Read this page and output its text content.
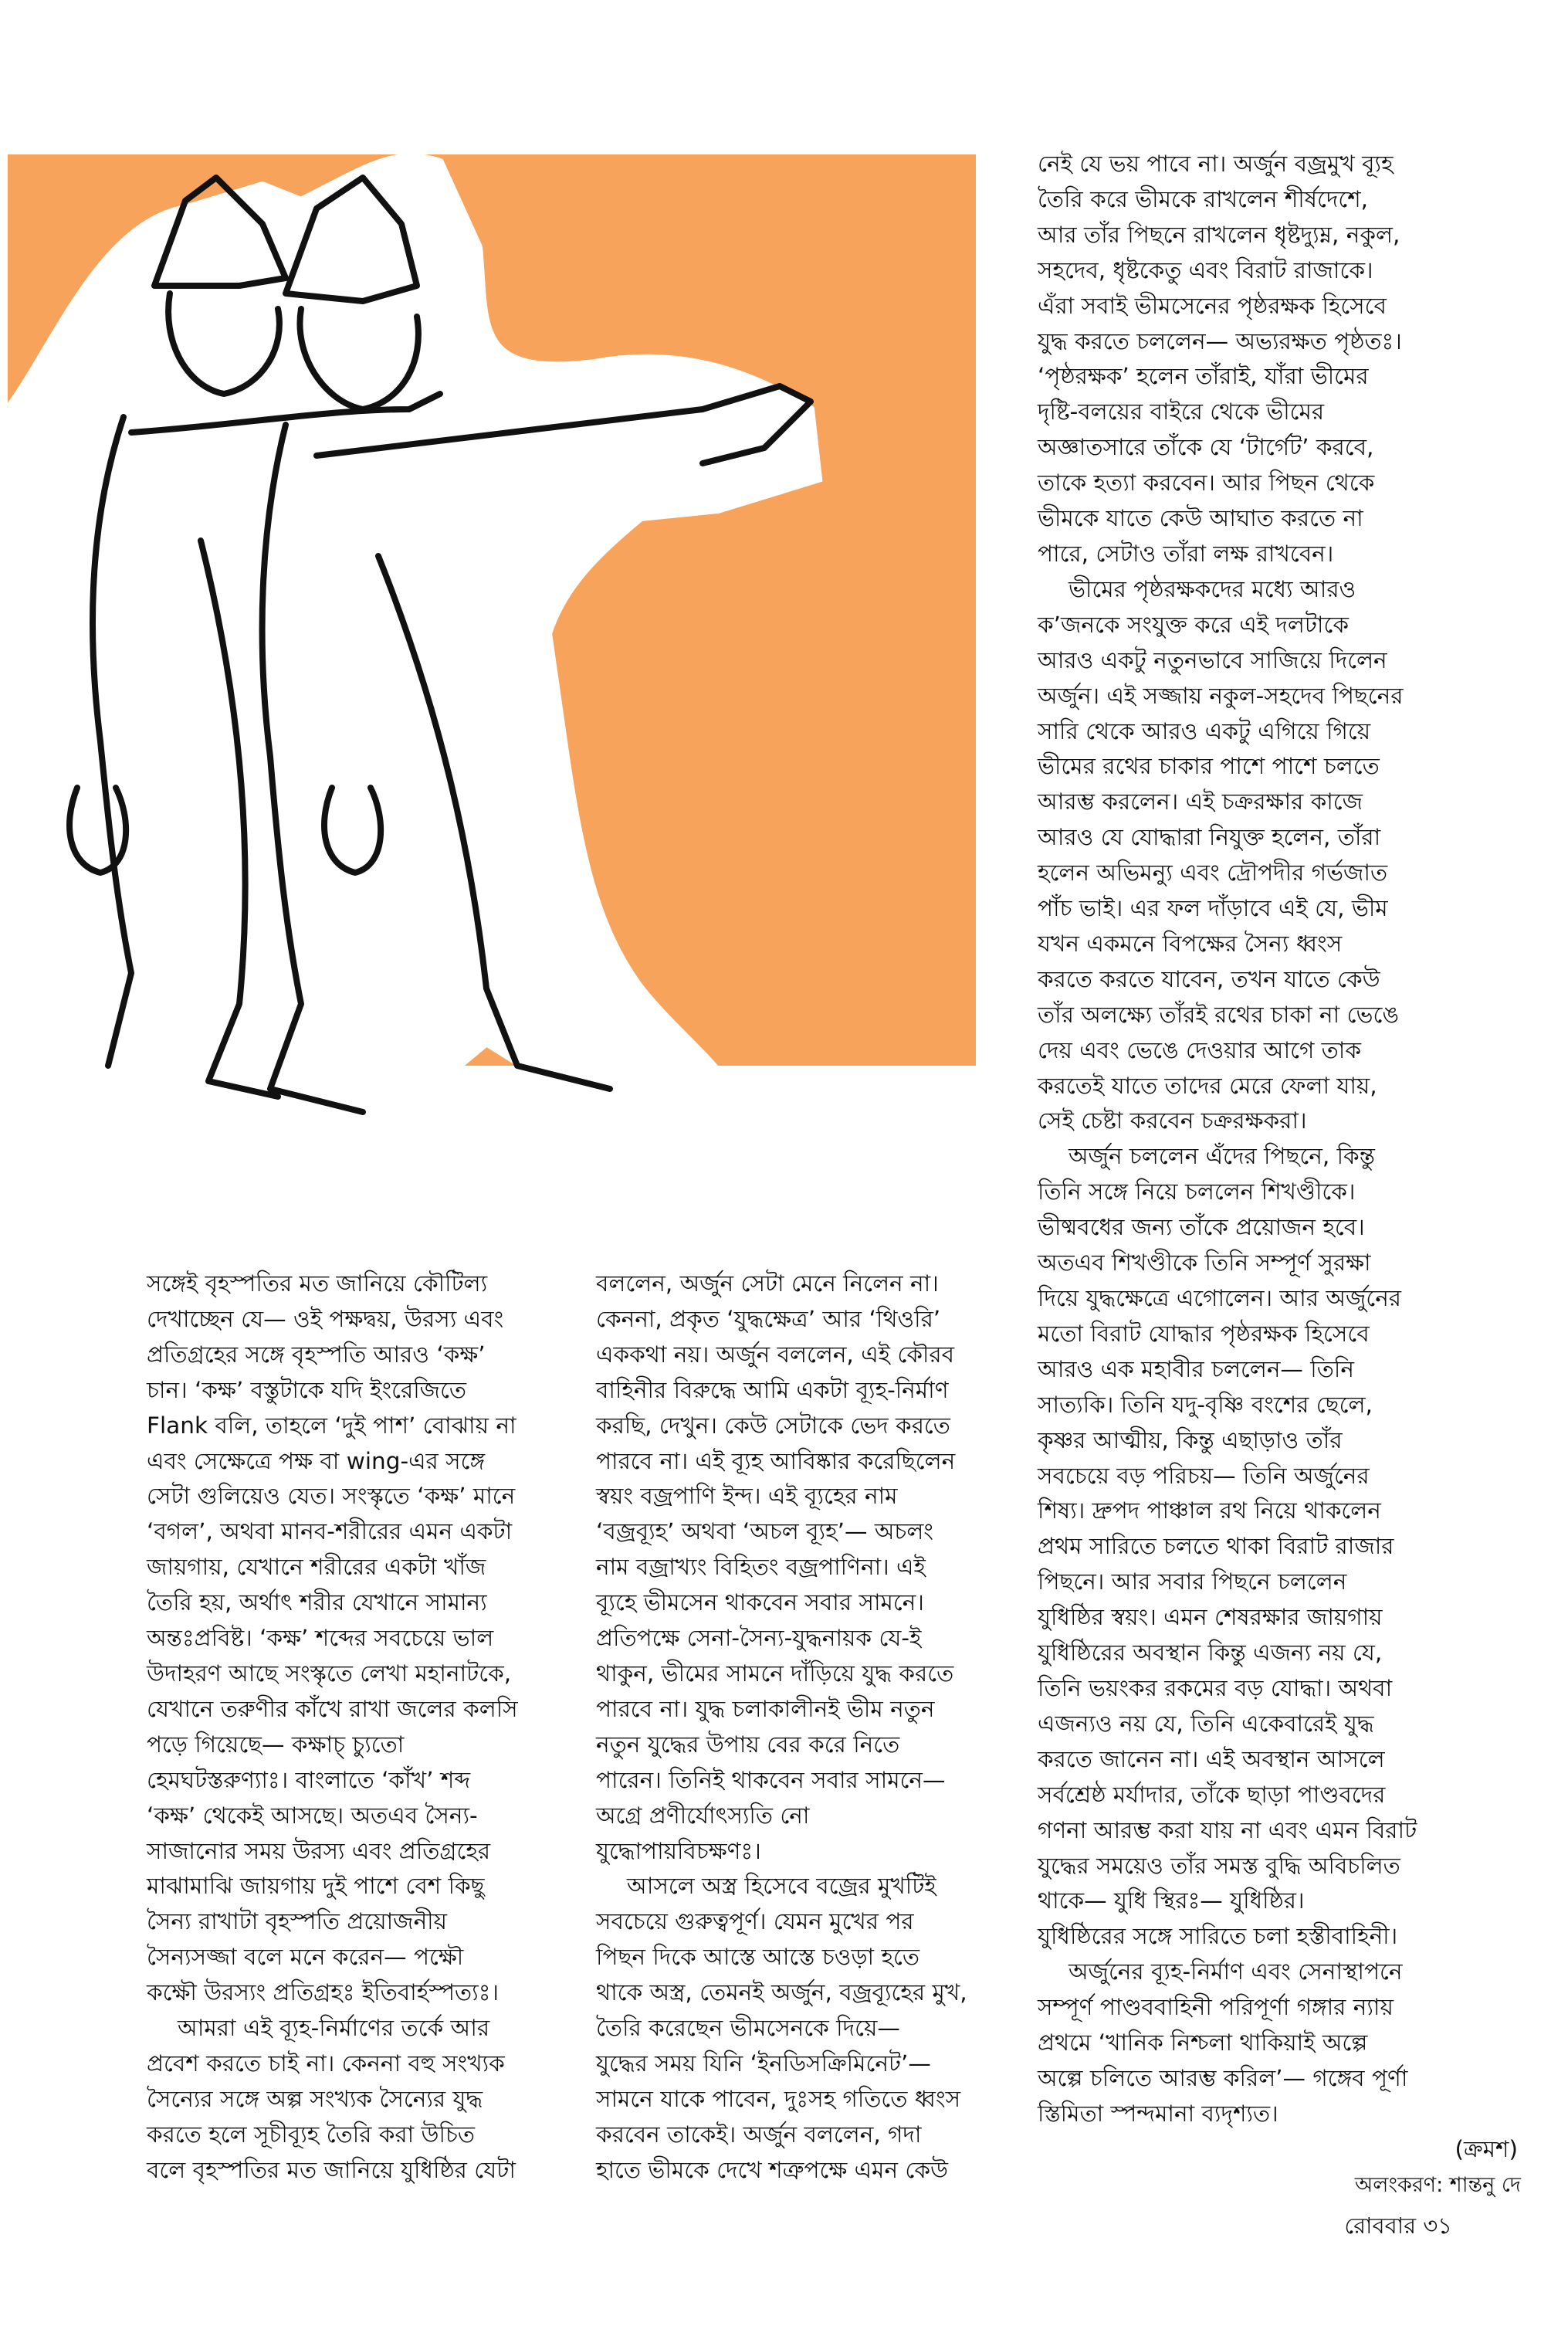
সঙ্গেই বৃহস্পতির মত জানিয়ে কৌটিল্য

দেখাচ্ছেন যে— ওই পক্ষদ্বয়, উরস্য এবং

প্রতিগ্রহের সঙ্গে বৃহস্পতি আরও ‘কক্ষ’

চান। ‘কক্ষ’ বস্তুটাকে যদি ইংরেজিতে

Flank বলি, তাহলে ‘দুই পাশ’ বোঝায় না

এবং সেক্ষেত্রে পক্ষ বা wing-এর সঙ্গে

সেটা গুলিয়েও যেত। সংস্কৃতে ‘কক্ষ’ মানে

‘বগল’, অথবা মানব-শরীরের এমন একটা

জায়গায়, যেখানে শরীরের একটা খাঁজ

তৈরি হয়, অর্থাৎ শরীর যেখানে সামান্য

অন্তঃপ্রবিষ্ট। ‘কক্ষ’ শব্দের সবচেয়ে ভাল

উদাহরণ আছে সংস্কৃতে লেখা মহানাটকে,

যেখানে তরুণীর কাঁখে রাখা জলের কলসি

পড়ে গিয়েছে— কক্ষাচ্ চ্যুতো

হেমঘটস্তরুণ্যাঃ। বাংলাতে ‘কাঁখ’ শব্দ

‘কক্ষ’ থেকেই আসছে। অতএব সৈন্য-

সাজানোর সময় উরস্য এবং প্রতিগ্রহের

মাঝামাঝি জায়গায় দুই পাশে বেশ কিছু

সৈন্য রাখাটা বৃহস্পতি প্রয়োজনীয়

সৈন্যসজ্জা বলে মনে করেন— পক্ষৌ

কক্ষৌ উরস্যং প্রতিগ্রহঃ ইতিবার্হস্পত্যঃ।

আমরা এই ব্যূহ-নির্মাণের তর্কে আর

প্রবেশ করতে চাই না। কেননা বহু সংখ্যক

সৈন্যের সঙ্গে অল্প সংখ্যক সৈন্যের যুদ্ধ

করতে হলে সূচীব্যূহ তৈরি করা উচিত

বলে বৃহস্পতির মত জানিয়ে যুধিষ্ঠির যেটা

বললেন, অর্জুন সেটা মেনে নিলেন না।

কেননা, প্রকৃত ‘যুদ্ধক্ষেত্র’ আর ‘থিওরি’

এককথা নয়। অর্জুন বললেন, এই কৌরব

বাহিনীর বিরুদ্ধে আমি একটা ব্যূহ-নির্মাণ

করছি, দেখুন। কেউ সেটাকে ভেদ করতে

পারবে না। এই ব্যূহ আবিষ্কার করেছিলেন

স্বয়ং বজ্রপাণি ইন্দ। এই ব্যূহের নাম

‘বজ্রব্যূহ’ অথবা ‘অচল ব্যূহ’— অচলং

নাম বজ্রাখ্যং বিহিতং বজ্রপাণিনা। এই

ব্যূহে ভীমসেন থাকবেন সবার সামনে।

প্রতিপক্ষে সেনা-সৈন্য-যুদ্ধনায়ক যে-ই

থাকুন, ভীমের সামনে দাঁড়িয়ে যুদ্ধ করতে

পারবে না। যুদ্ধ চলাকালীনই ভীম নতুন

নতুন যুদ্ধের উপায় বের করে নিতে

পারেন। তিনিই থাকবেন সবার সামনে—

অগ্রে প্রণীর্যোৎস্যতি নো

যুদ্ধোপায়বিচক্ষণঃ।

আসলে অস্ত্র হিসেবে বজ্রের মুখটিই

সবচেয়ে গুরুত্বপূর্ণ। যেমন মুখের পর

পিছন দিকে আস্তে আস্তে চওড়া হতে

থাকে অস্ত্র, তেমনই অর্জুন, বজ্রব্যূহের মুখ,

তৈরি করেছেন ভীমসেনকে দিয়ে—

যুদ্ধের সময় যিনি ‘ইনডিসক্রিমিনেট’—

সামনে যাকে পাবেন, দুঃসহ গতিতে ধ্বংস

করবেন তাকেই। অর্জুন বললেন, গদা

হাতে ভীমকে দেখে শত্রুপক্ষে এমন কেউ

নেই যে ভয় পাবে না। অর্জুন বজ্রমুখ ব্যূহ

তৈরি করে ভীমকে রাখলেন শীর্ষদেশে,

আর তাঁর পিছনে রাখলেন ধৃষ্টদ্যুম্ন, নকুল,

সহদেব, ধৃষ্টকেতু এবং বিরাট রাজাকে।

এঁরা সবাই ভীমসেনের পৃষ্ঠরক্ষক হিসেবে

যুদ্ধ করতে চললেন— অভ্যরক্ষত পৃষ্ঠতঃ।

‘পৃষ্ঠরক্ষক’ হলেন তাঁরাই, যাঁরা ভীমের

দৃষ্টি-বলয়ের বাইরে থেকে ভীমের

অজ্ঞাতসারে তাঁকে যে ‘টার্গেট’ করবে,

তাকে হত্যা করবেন। আর পিছন থেকে

ভীমকে যাতে কেউ আঘাত করতে না

পারে, সেটাও তাঁরা লক্ষ রাখবেন।

ভীমের পৃষ্ঠরক্ষকদের মধ্যে আরও

ক’জনকে সংযুক্ত করে এই দলটাকে

আরও একটু নতুনভাবে সাজিয়ে দিলেন

অর্জুন। এই সজ্জায় নকুল-সহদেব পিছনের

সারি থেকে আরও একটু এগিয়ে গিয়ে

ভীমের রথের চাকার পাশে পাশে চলতে

আরম্ভ করলেন। এই চক্ররক্ষার কাজে

আরও যে যোদ্ধারা নিযুক্ত হলেন, তাঁরা

হলেন অভিমন্যু এবং দ্রৌপদীর গর্ভজাত

পাঁচ ভাই। এর ফল দাঁড়াবে এই যে, ভীম

যখন একমনে বিপক্ষের সৈন্য ধ্বংস

করতে করতে যাবেন, তখন যাতে কেউ

তাঁর অলক্ষ্যে তাঁরই রথের চাকা না ভেঙে

দেয় এবং ভেঙে দেওয়ার আগে তাক

করতেই যাতে তাদের মেরে ফেলা যায়,

সেই চেষ্টা করবেন চক্ররক্ষকরা।

অর্জুন চললেন এঁদের পিছনে, কিন্তু

তিনি সঙ্গে নিয়ে চললেন শিখণ্ডীকে।

ভীষ্মবধের জন্য তাঁকে প্রয়োজন হবে।

অতএব শিখণ্ডীকে তিনি সম্পূর্ণ সুরক্ষা

দিয়ে যুদ্ধক্ষেত্রে এগোলেন। আর অর্জুনের

মতো বিরাট যোদ্ধার পৃষ্ঠরক্ষক হিসেবে

আরও এক মহাবীর চললেন— তিনি

সাত্যকি। তিনি যদু-বৃষ্ণি বংশের ছেলে,

কৃষ্ণর আত্মীয়, কিন্তু এছাড়াও তাঁর

সবচেয়ে বড় পরিচয়— তিনি অর্জুনের

শিষ্য। দ্রুপদ পাঞ্চাল রথ নিয়ে থাকলেন

প্রথম সারিতে চলতে থাকা বিরাট রাজার

পিছনে। আর সবার পিছনে চললেন

যুধিষ্ঠির স্বয়ং। এমন শেষরক্ষার জায়গায়

যুধিষ্ঠিরের অবস্থান কিন্তু এজন্য নয় যে,

তিনি ভয়ংকর রকমের বড় যোদ্ধা। অথবা

এজন্যও নয় যে, তিনি একেবারেই যুদ্ধ

করতে জানেন না। এই অবস্থান আসলে

সর্বশ্রেষ্ঠ মর্যাদার, তাঁকে ছাড়া পাণ্ডবদের

গণনা আরম্ভ করা যায় না এবং এমন বিরাট

যুদ্ধের সময়েও তাঁর সমস্ত বুদ্ধি অবিচলিত

থাকে— যুধি স্থিরঃ— যুধিষ্ঠির।

যুধিষ্ঠিরের সঙ্গে সারিতে চলা হস্তীবাহিনী।

অর্জুনের ব্যূহ-নির্মাণ এবং সেনাস্থাপনে

সম্পূর্ণ পাণ্ডববাহিনী পরিপূর্ণা গঙ্গার ন্যায়

প্রথমে ‘খানিক নিশ্চলা থাকিয়াই অল্পে

অল্পে চলিতে আরম্ভ করিল’— গঙ্গেব পূর্ণা

স্তিমিতা স্পন্দমানা ব্যদৃশ্যত।

(ক্রমশ)

অলংকরণ: শান্তনু দে

রোববার ৩১
